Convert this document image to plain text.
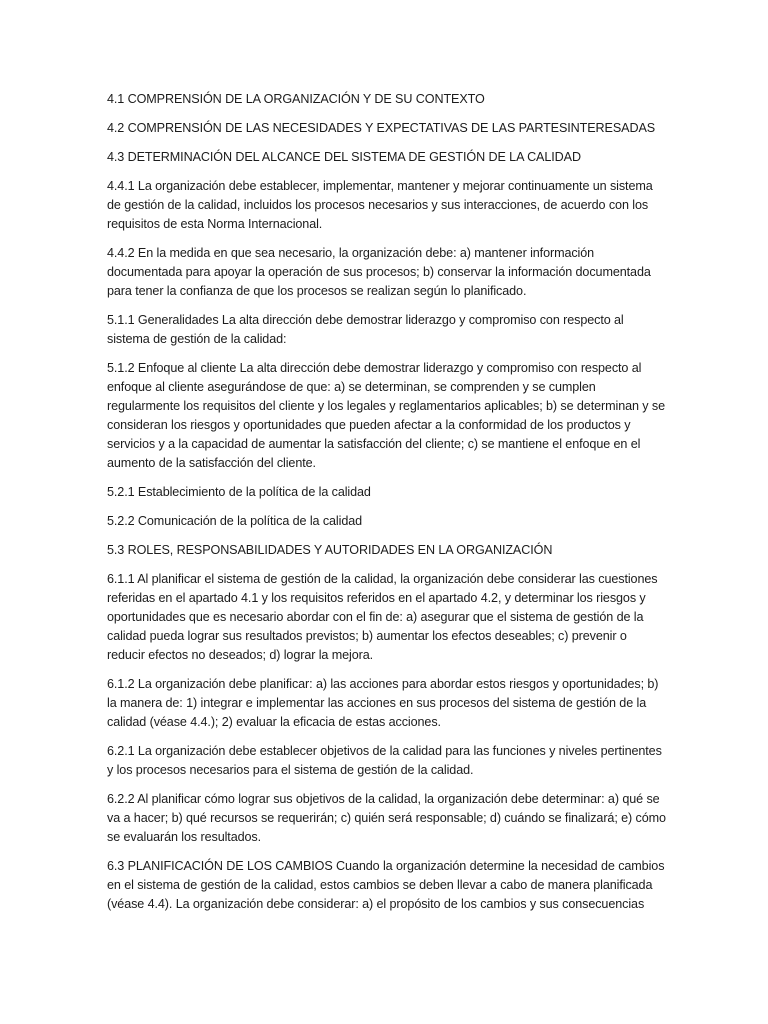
4.1 COMPRENSIÓN DE LA ORGANIZACIÓN Y DE SU CONTEXTO

4.2 COMPRENSIÓN DE LAS NECESIDADES Y EXPECTATIVAS DE LAS PARTESINTERESADAS

4.3 DETERMINACIÓN DEL ALCANCE DEL SISTEMA DE GESTIÓN DE LA CALIDAD

4.4.1 La organización debe establecer, implementar, mantener y mejorar continuamente un sistema de gestión de la calidad, incluidos los procesos necesarios y sus interacciones, de acuerdo con los requisitos de esta Norma Internacional.

4.4.2 En la medida en que sea necesario, la organización debe: a) mantener información documentada para apoyar la operación de sus procesos; b) conservar la información documentada para tener la confianza de que los procesos se realizan según lo planificado.

5.1.1 Generalidades La alta dirección debe demostrar liderazgo y compromiso con respecto al sistema de gestión de la calidad:

5.1.2 Enfoque al cliente La alta dirección debe demostrar liderazgo y compromiso con respecto al enfoque al cliente asegurándose de que: a) se determinan, se comprenden y se cumplen regularmente los requisitos del cliente y los legales y reglamentarios aplicables; b) se determinan y se consideran los riesgos y oportunidades que pueden afectar a la conformidad de los productos y servicios y a la capacidad de aumentar la satisfacción del cliente; c) se mantiene el enfoque en el aumento de la satisfacción del cliente.

5.2.1 Establecimiento de la política de la calidad

5.2.2 Comunicación de la política de la calidad

5.3 ROLES, RESPONSABILIDADES Y AUTORIDADES EN LA ORGANIZACIÓN

6.1.1 Al planificar el sistema de gestión de la calidad, la organización debe considerar las cuestiones referidas en el apartado 4.1 y los requisitos referidos en el apartado 4.2, y determinar los riesgos y oportunidades que es necesario abordar con el fin de: a) asegurar que el sistema de gestión de la calidad pueda lograr sus resultados previstos; b) aumentar los efectos deseables; c) prevenir o reducir efectos no deseados; d) lograr la mejora.

6.1.2 La organización debe planificar: a) las acciones para abordar estos riesgos y oportunidades; b) la manera de: 1) integrar e implementar las acciones en sus procesos del sistema de gestión de la calidad (véase 4.4.); 2) evaluar la eficacia de estas acciones.

6.2.1 La organización debe establecer objetivos de la calidad para las funciones y niveles pertinentes y los procesos necesarios para el sistema de gestión de la calidad.

6.2.2 Al planificar cómo lograr sus objetivos de la calidad, la organización debe determinar: a) qué se va a hacer; b) qué recursos se requerirán; c) quién será responsable; d) cuándo se finalizará; e) cómo se evaluarán los resultados.

6.3 PLANIFICACIÓN DE LOS CAMBIOS Cuando la organización determine la necesidad de cambios en el sistema de gestión de la calidad, estos cambios se deben llevar a cabo de manera planificada (véase 4.4). La organización debe considerar: a) el propósito de los cambios y sus consecuencias
